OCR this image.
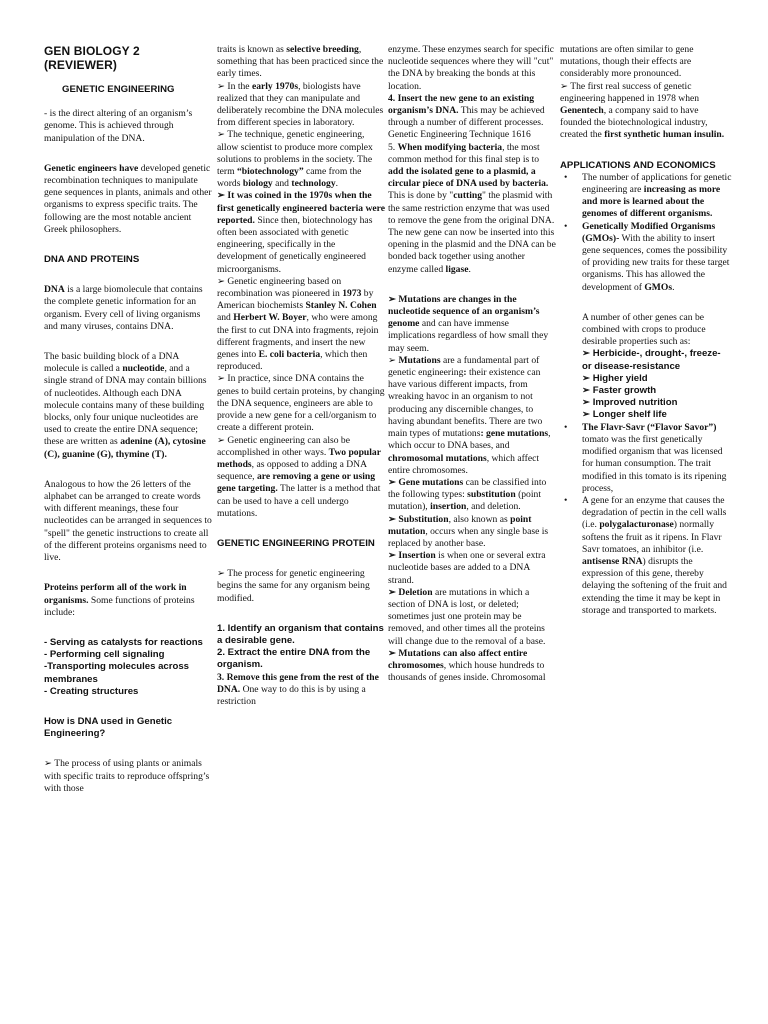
GEN BIOLOGY 2 (REVIEWER)

GENETIC ENGINEERING

- is the direct altering of an organism’s genome. This is achieved through manipulation of the DNA.

Genetic engineers have developed genetic recombination techniques to manipulate gene sequences in plants, animals and other organisms to express specific traits. The following are the most notable ancient Greek philosophers.

DNA AND PROTEINS

DNA is a large biomolecule that contains the complete genetic information for an organism. Every cell of living organisms and many viruses, contains DNA.

The basic building block of a DNA molecule is called a nucleotide, and a single strand of DNA may contain billions of nucleotides. Although each DNA molecule contains many of these building blocks, only four unique nucleotides are used to create the entire DNA sequence; these are written as adenine (A), cytosine (C), guanine (G), thymine (T).

Analogous to how the 26 letters of the alphabet can be arranged to create words with different meanings, these four nucleotides can be arranged in sequences to "spell" the genetic instructions to create all of the different proteins organisms need to live.

Proteins perform all of the work in organisms. Some functions of proteins include:

- Serving as catalysts for reactions

- Performing cell signaling

-Transporting molecules across membranes

- Creating structures

How is DNA used in Genetic Engineering?

➢ The process of using plants or animals with specific traits to reproduce offspring’s with those

traits is known as selective breeding, something that has been practiced since the early times.

➢ In the early 1970s, biologists have realized that they can manipulate and deliberately recombine the DNA molecules from different species in laboratory.

➢ The technique, genetic engineering, allow scientist to produce more complex solutions to problems in the society. The term “biotechnology” came from the words biology and technology.

➢ It was coined in the 1970s when the first genetically engineered bacteria were reported. Since then, biotechnology has often been associated with genetic engineering, specifically in the development of genetically engineered microorganisms.

➢ Genetic engineering based on recombination was pioneered in 1973 by American biochemists Stanley N. Cohen and Herbert W. Boyer, who were among the first to cut DNA into fragments, rejoin different fragments, and insert the new genes into E. coli bacteria, which then reproduced.

➢ In practice, since DNA contains the genes to build certain proteins, by changing the DNA sequence, engineers are able to provide a new gene for a cell/organism to create a different protein.

➢ Genetic engineering can also be accomplished in other ways. Two popular methods, as opposed to adding a DNA sequence, are removing a gene or using gene targeting. The latter is a method that can be used to have a cell undergo mutations.

GENETIC ENGINEERING PROTEIN

➢ The process for genetic engineering begins the same for any organism being modified.

1. Identify an organism that contains a desirable gene.

2. Extract the entire DNA from the organism.

3. Remove this gene from the rest of the DNA. One way to do this is by using a restriction

enzyme. These enzymes search for specific nucleotide sequences where they will "cut" the DNA by breaking the bonds at this location.

4. Insert the new gene to an existing organism’s DNA. This may be achieved through a number of different processes. Genetic Engineering Technique 1616

5. When modifying bacteria, the most common method for this final step is to add the isolated gene to a plasmid, a circular piece of DNA used by bacteria. This is done by "cutting" the plasmid with the same restriction enzyme that was used to remove the gene from the original DNA. The new gene can now be inserted into this opening in the plasmid and the DNA can be bonded back together using another enzyme called ligase.

➢ Mutations are changes in the nucleotide sequence of an organism’s genome and can have immense implications regardless of how small they may seem.

➢ Mutations are a fundamental part of genetic engineering: their existence can have various different impacts, from wreaking havoc in an organism to not producing any discernible changes, to having abundant benefits. There are two main types of mutations: gene mutations, which occur to DNA bases, and chromosomal mutations, which affect entire chromosomes.

➢ Gene mutations can be classified into the following types: substitution (point mutation), insertion, and deletion.

➢ Substitution, also known as point mutation, occurs when any single base is replaced by another base.

➢ Insertion is when one or several extra nucleotide bases are added to a DNA strand.

➢ Deletion are mutations in which a section of DNA is lost, or deleted; sometimes just one protein may be removed, and other times all the proteins will change due to the removal of a base.

➢ Mutations can also affect entire chromosomes, which house hundreds to thousands of genes inside. Chromosomal

mutations are often similar to gene mutations, though their effects are considerably more pronounced.

➢ The first real success of genetic engineering happened in 1978 when Genentech, a company said to have founded the biotechnological industry, created the first synthetic human insulin.

APPLICATIONS AND ECONOMICS

• The number of applications for genetic engineering are increasing as more and more is learned about the genomes of different organisms.
• Genetically Modified Organisms (GMOs)- With the ability to insert gene sequences, comes the possibility of providing new traits for these target organisms. This has allowed the development of GMOs.

A number of other genes can be combined with crops to produce desirable properties such as:

➢ Herbicide-, drought-, freeze- or disease-resistance

➢ Higher yield

➢ Faster growth

➢ Improved nutrition

➢ Longer shelf life

• The Flavr-Savr (“Flavor Savor”) tomato was the first genetically modified organism that was licensed for human consumption. The trait modified in this tomato is its ripening process,
• A gene for an enzyme that causes the degradation of pectin in the cell walls (i.e. polygalacturonase) normally softens the fruit as it ripens. In Flavr Savr tomatoes, an inhibitor (i.e. antisense RNA) disrupts the expression of this gene, thereby delaying the softening of the fruit and extending the time it may be kept in storage and transported to markets.
